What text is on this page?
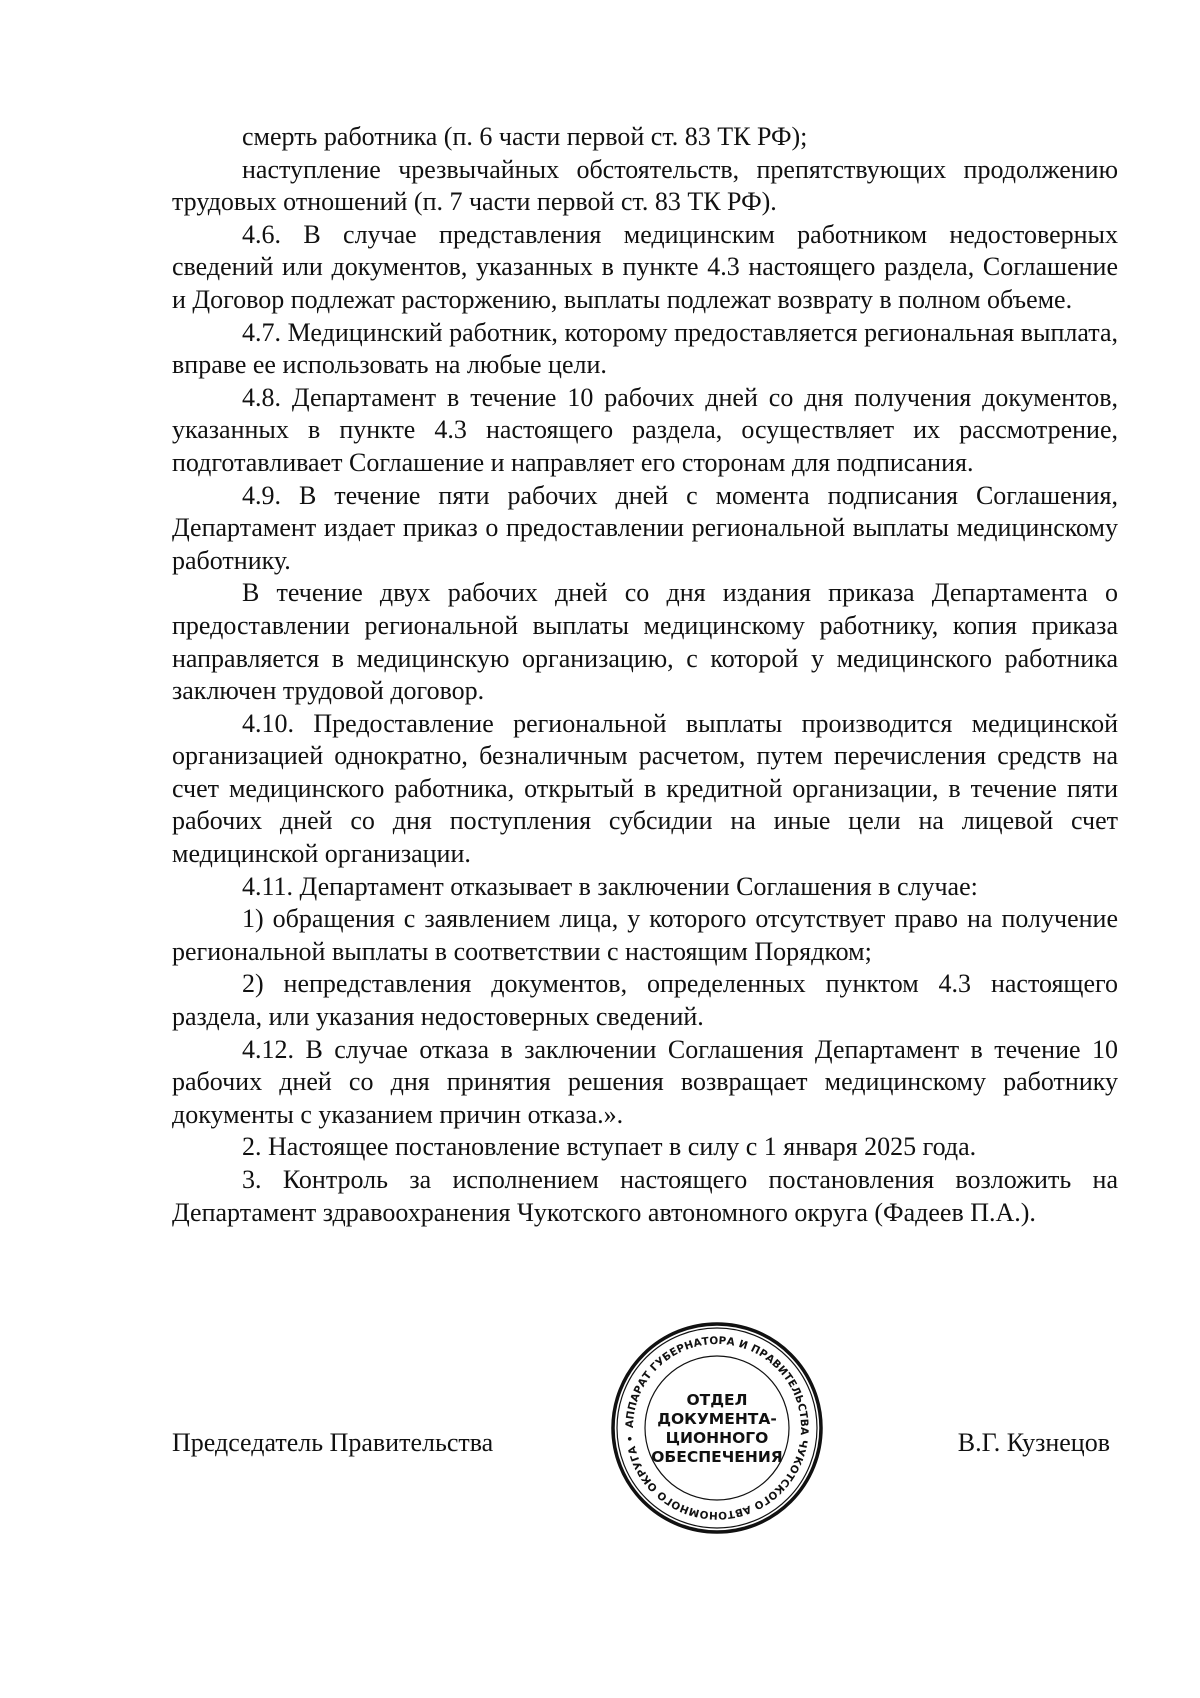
смерть работника (п. 6 части первой ст. 83 ТК РФ);

наступление чрезвычайных обстоятельств, препятствующих продолжению трудовых отношений (п. 7 части первой ст. 83 ТК РФ).

4.6. В случае представления медицинским работником недостоверных сведений или документов, указанных в пункте 4.3 настоящего раздела, Соглашение и Договор подлежат расторжению, выплаты подлежат возврату в полном объеме.

4.7. Медицинский работник, которому предоставляется региональная выплата, вправе ее использовать на любые цели.

4.8. Департамент в течение 10 рабочих дней со дня получения документов, указанных в пункте 4.3 настоящего раздела, осуществляет их рассмотрение, подготавливает Соглашение и направляет его сторонам для подписания.

4.9. В течение пяти рабочих дней с момента подписания Соглашения, Департамент издает приказ о предоставлении региональной выплаты медицинскому работнику.

В течение двух рабочих дней со дня издания приказа Департамента о предоставлении региональной выплаты медицинскому работнику, копия приказа направляется в медицинскую организацию, с которой у медицинского работника заключен трудовой договор.

4.10. Предоставление региональной выплаты производится медицинской организацией однократно, безналичным расчетом, путем перечисления средств на счет медицинского работника, открытый в кредитной организации, в течение пяти рабочих дней со дня поступления субсидии на иные цели на лицевой счет медицинской организации.

4.11. Департамент отказывает в заключении Соглашения в случае:

1) обращения с заявлением лица, у которого отсутствует право на получение региональной выплаты в соответствии с настоящим Порядком;

2) непредставления документов, определенных пунктом 4.3 настоящего раздела, или указания недостоверных сведений.

4.12. В случае отказа в заключении Соглашения Департамент в течение 10 рабочих дней со дня принятия решения возвращает медицинскому работнику документы с указанием причин отказа.».

2. Настоящее постановление вступает в силу с 1 января 2025 года.

3. Контроль за исполнением настоящего постановления возложить на Департамент здравоохранения Чукотского автономного округа (Фадеев П.А.).

Председатель Правительства	В.Г. Кузнецов
АППАРАТ ГУБЕРНАТОРА И ПРАВИТЕЛЬСТВА ЧУКОТСКОГО АВТОНОМНОГО ОКРУГА •
ОТДЕЛ
ДОКУМЕНТА-
ЦИОННОГО
ОБЕСПЕЧЕНИЯ
